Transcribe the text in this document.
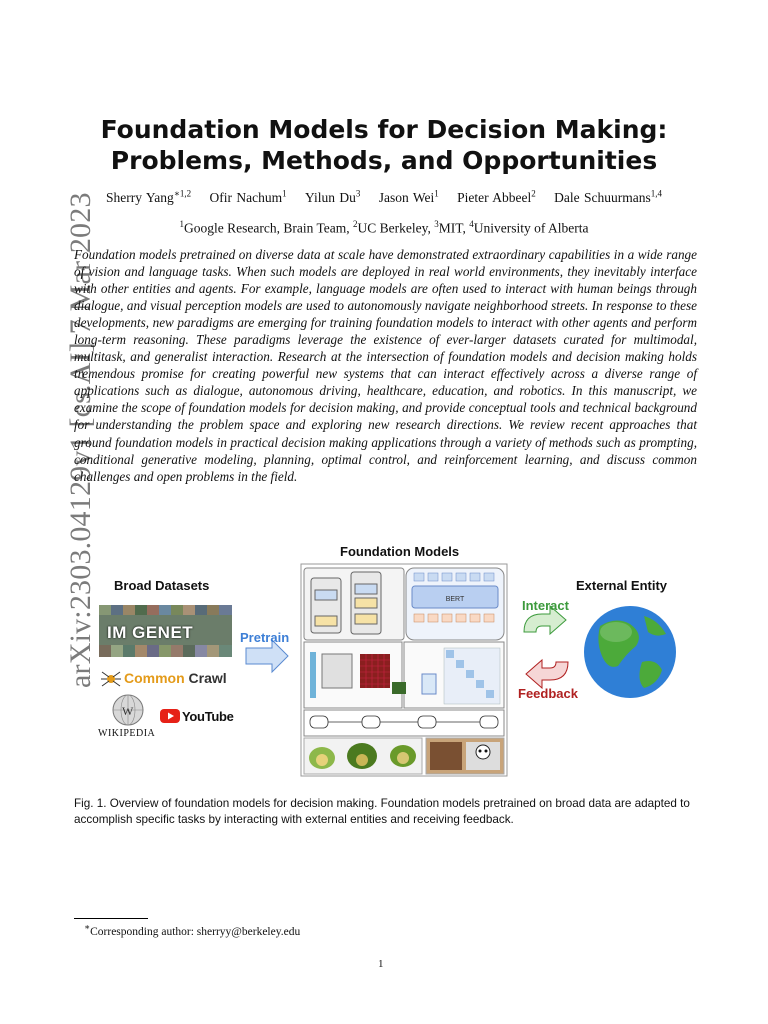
arXiv:2303.04129v1 [cs.AI] 7 Mar 2023
Foundation Models for Decision Making:
Problems, Methods, and Opportunities
Sherry Yang$^{∗1,2}$ Ofir Nachum$^1$ Yilun Du$^3$ Jason Wei$^1$ Pieter Abbeel$^2$ Dale Schuurmans$^{1,4}$
$^1$Google Research, Brain Team, $^2$UC Berkeley, $^3$MIT, $^4$University of Alberta
Foundation models pretrained on diverse data at scale have demonstrated extraordinary capabilities in a wide range of vision and language tasks. When such models are deployed in real world environments, they inevitably interface with other entities and agents. For example, language models are often used to interact with human beings through dialogue, and visual perception models are used to autonomously navigate neighborhood streets. In response to these developments, new paradigms are emerging for training foundation models to interact with other agents and perform long-term reasoning. These paradigms leverage the existence of ever-larger datasets curated for multimodal, multitask, and generalist interaction. Research at the intersection of foundation models and decision making holds tremendous promise for creating powerful new systems that can interact effectively across a diverse range of applications such as dialogue, autonomous driving, healthcare, education, and robotics. In this manuscript, we examine the scope of foundation models for decision making, and provide conceptual tools and technical background for understanding the problem space and exploring new research directions. We review recent approaches that ground foundation models in practical decision making applications through a variety of methods such as prompting, conditional generative modeling, planning, optimal control, and reinforcement learning, and discuss common challenges and open problems in the field.
BERT
Foundation Models
Broad Datasets	External Entity
Pretrain
Interact
Feedback
IM GENET
Common Crawl
W
WIKIPEDIA
YouTube
Fig. 1. Overview of foundation models for decision making. Foundation models pretrained on broad data are adapted to accomplish specific tasks by interacting with external entities and receiving feedback.
∗Corresponding author: sherryy@berkeley.edu
1
